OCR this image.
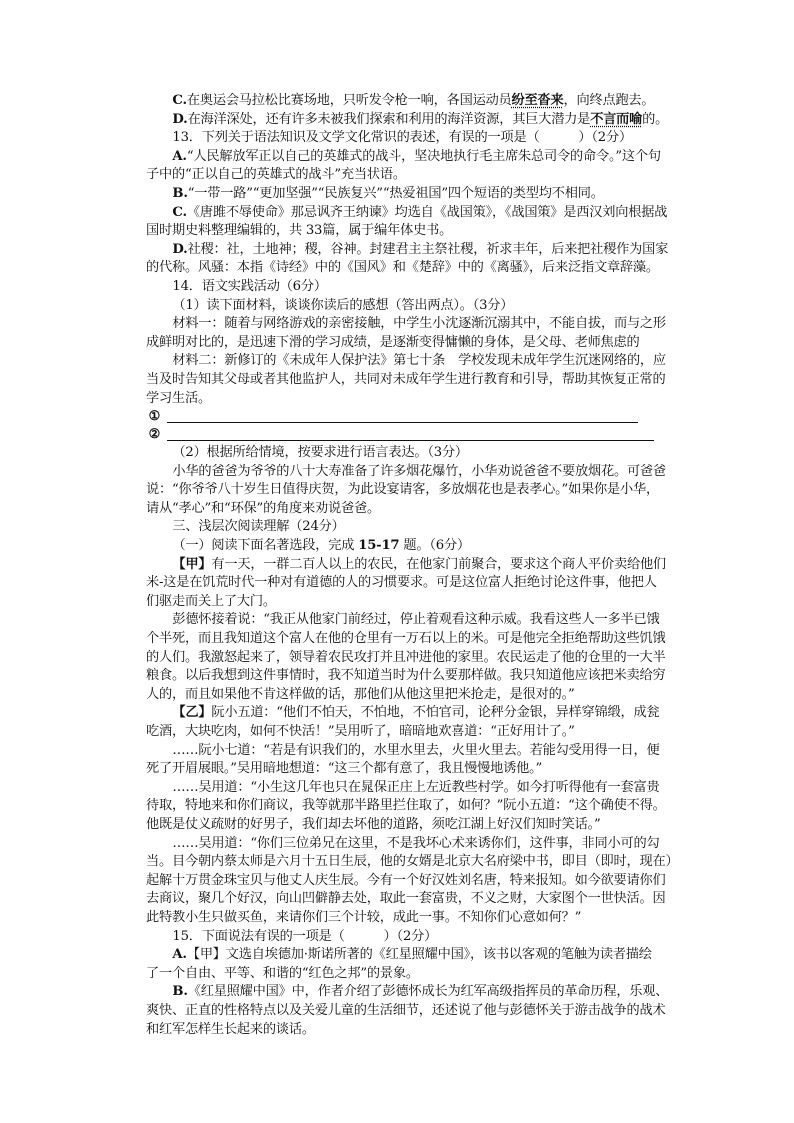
C.在奥运会马拉松比赛场地，只听发令枪一响，各国运动员纷至沓来，向终点跑去。

D.在海洋深处，还有许多未被我们探索和利用的海洋资源，其巨大潜力是不言而喻的。

13．下列关于语法知识及文学文化常识的表述，有误的一项是（　　　）（2分）

A.“人民解放军正以自己的英雄式的战斗，坚决地执行毛主席朱总司令的命令。”这个句

子中的“正以自己的英雄式的战斗”充当状语。

B.“一带一路”“更加坚强”“民族复兴”“热爱祖国”四个短语的类型均不相同。

C.《唐雎不辱使命》那忌讽齐王纳谏》均选自《战国策》，《战国策》是西汉刘向根据战

国时期史料整理编辑的，共 33篇，属于编年体史书。

D.社稷：社，土地神；稷，谷神。封建君主主祭社稷，祈求丰年，后来把社稷作为国家

的代称。风骚：本指《诗经》中的《国风》和《楚辞》中的《离骚》，后来泛指文章辞藻。

14．语文实践活动（6分）

（1）读下面材料，谈谈你读后的感想（答出两点）。（3分）

材料一：随着与网络游戏的亲密接触，中学生小沈逐渐沉溺其中，不能自拔，而与之形

成鲜明对比的，是迅速下滑的学习成绩，是逐渐变得慵懒的身体，是父母、老师焦虑的

材料二：新修订的《未成年人保护法》第七十条　学校发现未成年学生沉迷网络的，应

当及时告知其父母或者其他监护人，共同对未成年学生进行教育和引导，帮助其恢复正常的

学习生活。

①
②

（2）根据所给情境，按要求进行语言表达。（3分）

小华的爸爸为爷爷的八十大寿准备了许多烟花爆竹，小华劝说爸爸不要放烟花。可爸爸

说：“你爷爷八十岁生日值得庆贺，为此设宴请客，多放烟花也是表孝心。”如果你是小华，

请从“孝心”和“环保”的角度来劝说爸爸。

三、浅层次阅读理解（24分）

（一）阅读下面名著选段，完成 15-17 题。（6分）

【甲】有一天，一群二百人以上的农民，在他家门前聚合，要求这个商人平价卖给他们

米-这是在饥荒时代一种对有道德的人的习惯要求。可是这位富人拒绝讨论这件事，他把人

们驱走而关上了大门。

彭德怀接着说：“我正从他家门前经过，停止着观看这种示威。我看这些人一多半已饿

个半死，而且我知道这个富人在他的仓里有一万石以上的米。可是他完全拒绝帮助这些饥饿

的人们。我激怒起来了，领导着农民攻打并且冲进他的家里。农民运走了他的仓里的一大半

粮食。以后我想到这件事情时，我不知道当时为什么要那样做。我只知道他应该把米卖给穷

人的，而且如果他不肯这样做的话，那他们从他这里把米抢走，是很对的。”

【乙】阮小五道：“他们不怕天，不怕地，不怕官司，论秤分金银，异样穿锦缎，成瓮

吃酒，大块吃肉，如何不快活！”吴用听了，暗暗地欢喜道：“正好用计了。”

……阮小七道：“若是有识我们的，水里水里去，火里火里去。若能勾受用得一日，便

死了开眉展眼。”吴用暗地想道：“这三个都有意了，我且慢慢地诱他。”

……吴用道：“小生这几年也只在晁保正庄上左近教些村学。如今打听得他有一套富贵

待取，特地来和你们商议，我等就那半路里拦住取了，如何？”阮小五道：“这个确使不得。

他既是仗义疏财的好男子，我们却去坏他的道路，须吃江湖上好汉们知时笑话。”

……吴用道：“你们三位弟兄在这里，不是我坏心术来诱你们，这件事，非同小可的勾

当。目今朝内蔡太师是六月十五日生辰，他的女婿是北京大名府梁中书，即目（即时，现在）

起解十万贯金珠宝贝与他丈人庆生辰。今有一个好汉姓刘名唐，特来报知。如今欲要请你们

去商议，聚几个好汉，向山凹僻静去处，取此一套富贵，不义之财，大家图个一世快活。因

此特教小生只做买鱼，来请你们三个计较，成此一事。不知你们心意如何？”

15．下面说法有误的一项是（　　　）（2分）

A.【甲】文选自埃德加·斯诺所著的《红星照耀中国》，该书以客观的笔触为读者描绘

了一个自由、平等、和谐的“红色之邦”的景象。

B.《红星照耀中国》中，作者介绍了彭德怀成长为红军高级指挥员的革命历程，乐观、

爽快、正直的性格特点以及关爱儿童的生活细节，还述说了他与彭德怀关于游击战争的战术

和红军怎样生长起来的谈话。
